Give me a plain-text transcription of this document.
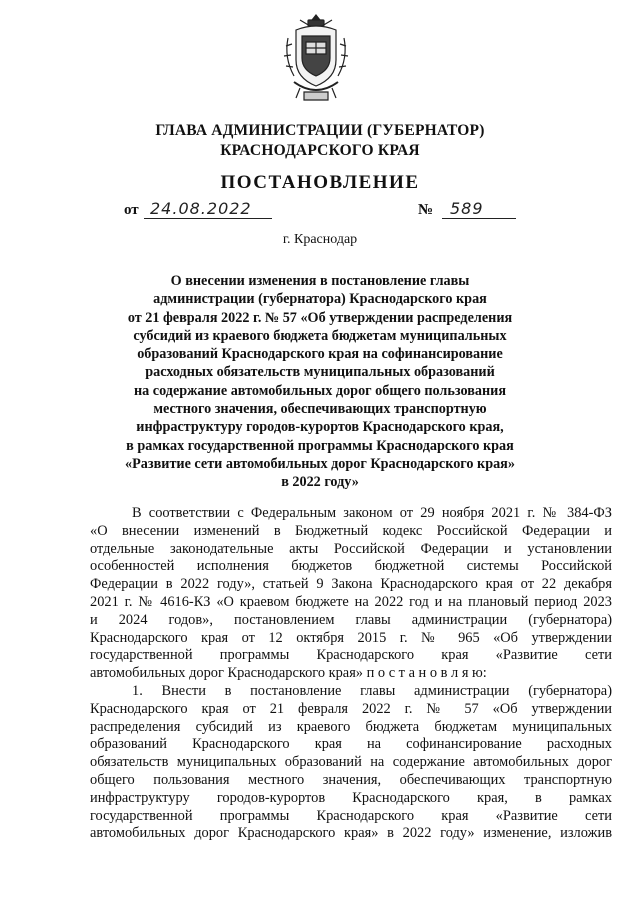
ГЛАВА АДМИНИСТРАЦИИ (ГУБЕРНАТОР)
КРАСНОДАРСКОГО КРАЯ
ПОСТАНОВЛЕНИЕ
от 24.08.2022	№ 589
г. Краснодар
О внесении изменения в постановление главы
администрации (губернатора) Краснодарского края
от 21 февраля 2022 г. № 57 «Об утверждении распределения
субсидий из краевого бюджета бюджетам муниципальных
образований Краснодарского края на софинансирование
расходных обязательств муниципальных образований
на содержание автомобильных дорог общего пользования
местного значения, обеспечивающих транспортную
инфраструктуру городов-курортов Краснодарского края,
в рамках государственной программы Краснодарского края
«Развитие сети автомобильных дорог Краснодарского края»
в 2022 году»
В соответствии с Федеральным законом от 29 ноября 2021 г. № 384-ФЗ
«О внесении изменений в Бюджетный кодекс Российской Федерации и
отдельные законодательные акты Российской Федерации и установлении
особенностей исполнения бюджетов бюджетной системы Российской
Федерации в 2022 году», статьей 9 Закона Краснодарского края от 22 декабря
2021 г. № 4616-КЗ «О краевом бюджете на 2022 год и на плановый период 2023
и 2024 годов», постановлением главы администрации (губернатора)
Краснодарского края от 12 октября 2015 г. № 965 «Об утверждении
государственной программы Краснодарского края «Развитие сети
автомобильных дорог Краснодарского края» п о с т а н о в л я ю:
1. Внести в постановление главы администрации (губернатора)
Краснодарского края от 21 февраля 2022 г. № 57 «Об утверждении
распределения субсидий из краевого бюджета бюджетам муниципальных
образований Краснодарского края на софинансирование расходных
обязательств муниципальных образований на содержание автомобильных дорог
общего пользования местного значения, обеспечивающих транспортную
инфраструктуру городов-курортов Краснодарского края, в рамках
государственной программы Краснодарского края «Развитие сети
автомобильных дорог Краснодарского края» в 2022 году» изменение, изложив
